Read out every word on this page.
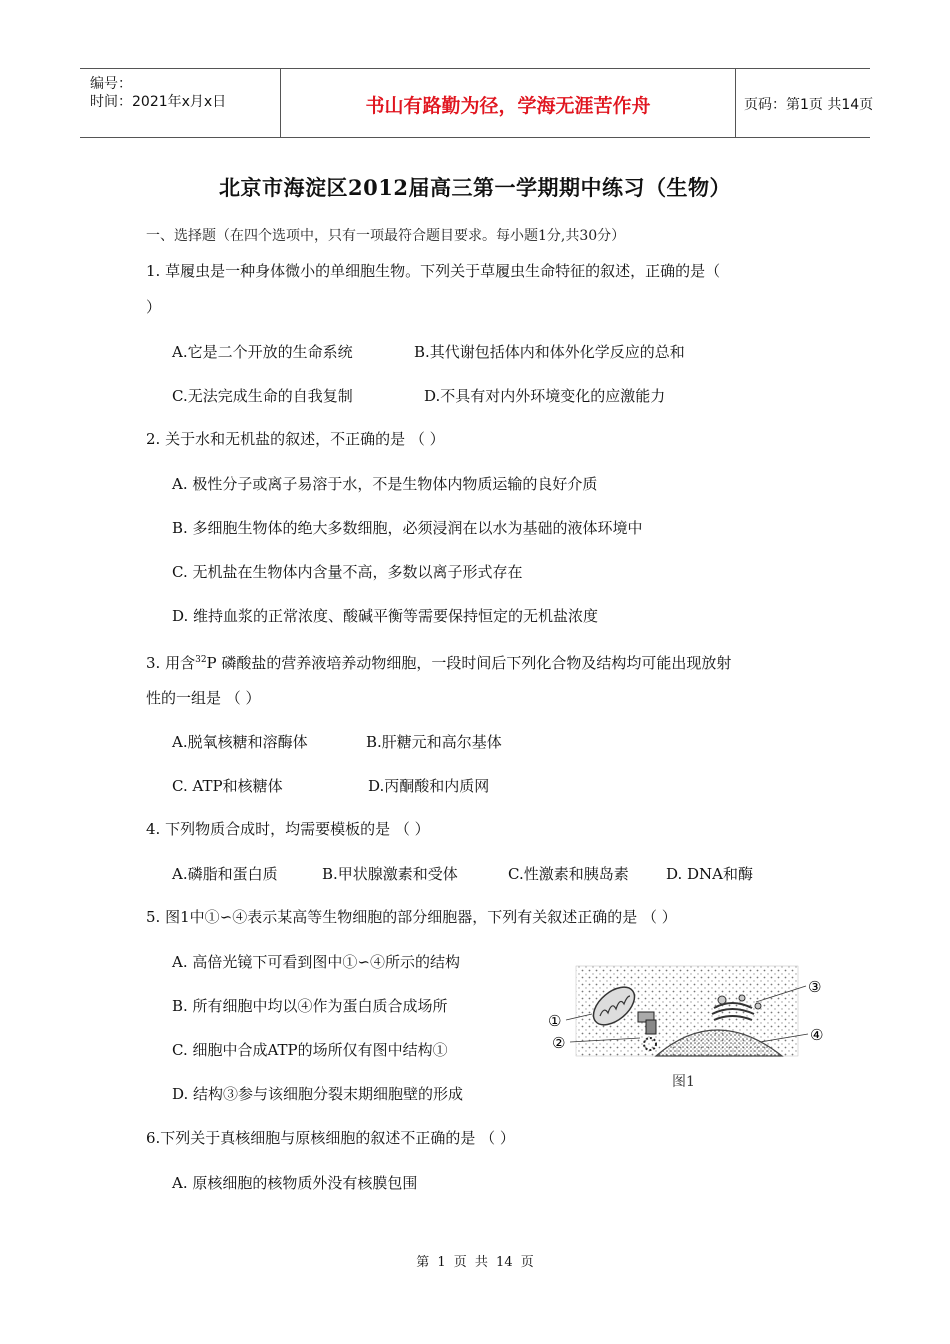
编号：
时间：2021年x月x日	书山有路勤为径，学海无涯苦作舟	页码：第1页 共14页
北京市海淀区2012届高三第一学期期中练习（生物）
一、选择题（在四个选项中，只有一项最符合题目要求。每小题1分,共30分）
1. 草履虫是一种身体微小的单细胞生物。下列关于草履虫生命特征的叙述，正确的是（
）
A.它是二个开放的生命系统	B.其代谢包括体内和体外化学反应的总和
C.无法完成生命的自我复制	D.不具有对内外环境变化的应激能力
2. 关于水和无机盐的叙述，不正确的是 （ ）
A. 极性分子或离子易溶于水，不是生物体内物质运输的良好介质
B. 多细胞生物体的绝大多数细胞，必须浸润在以水为基础的液体环境中
C. 无机盐在生物体内含量不高，多数以离子形式存在
D. 维持血浆的正常浓度、酸碱平衡等需要保持恒定的无机盐浓度
3. 用含$^{32}$P 磷酸盐的营养液培养动物细胞，一段时间后下列化合物及结构均可能出现放射
性的一组是 （ ）
A.脱氧核糖和溶酶体	B.肝糖元和高尔基体
C. ATP和核糖体	D.丙酮酸和内质网
4. 下列物质合成时，均需要模板的是 （ ）
A.磷脂和蛋白质	B.甲状腺激素和受体	C.性激素和胰岛素 D. DNA和酶
5. 图1中①∽④表示某高等生物细胞的部分细胞器，下列有关叙述正确的是 （ ）
A. 高倍光镜下可看到图中①∽④所示的结构
B. 所有细胞中均以④作为蛋白质合成场所
C. 细胞中合成ATP的场所仅有图中结构①
D. 结构③参与该细胞分裂末期细胞壁的形成
①
②
③
④
图1
6.下列关于真核细胞与原核细胞的叙述不正确的是 （ ）
A. 原核细胞的核物质外没有核膜包围
第 1 页 共 14 页
